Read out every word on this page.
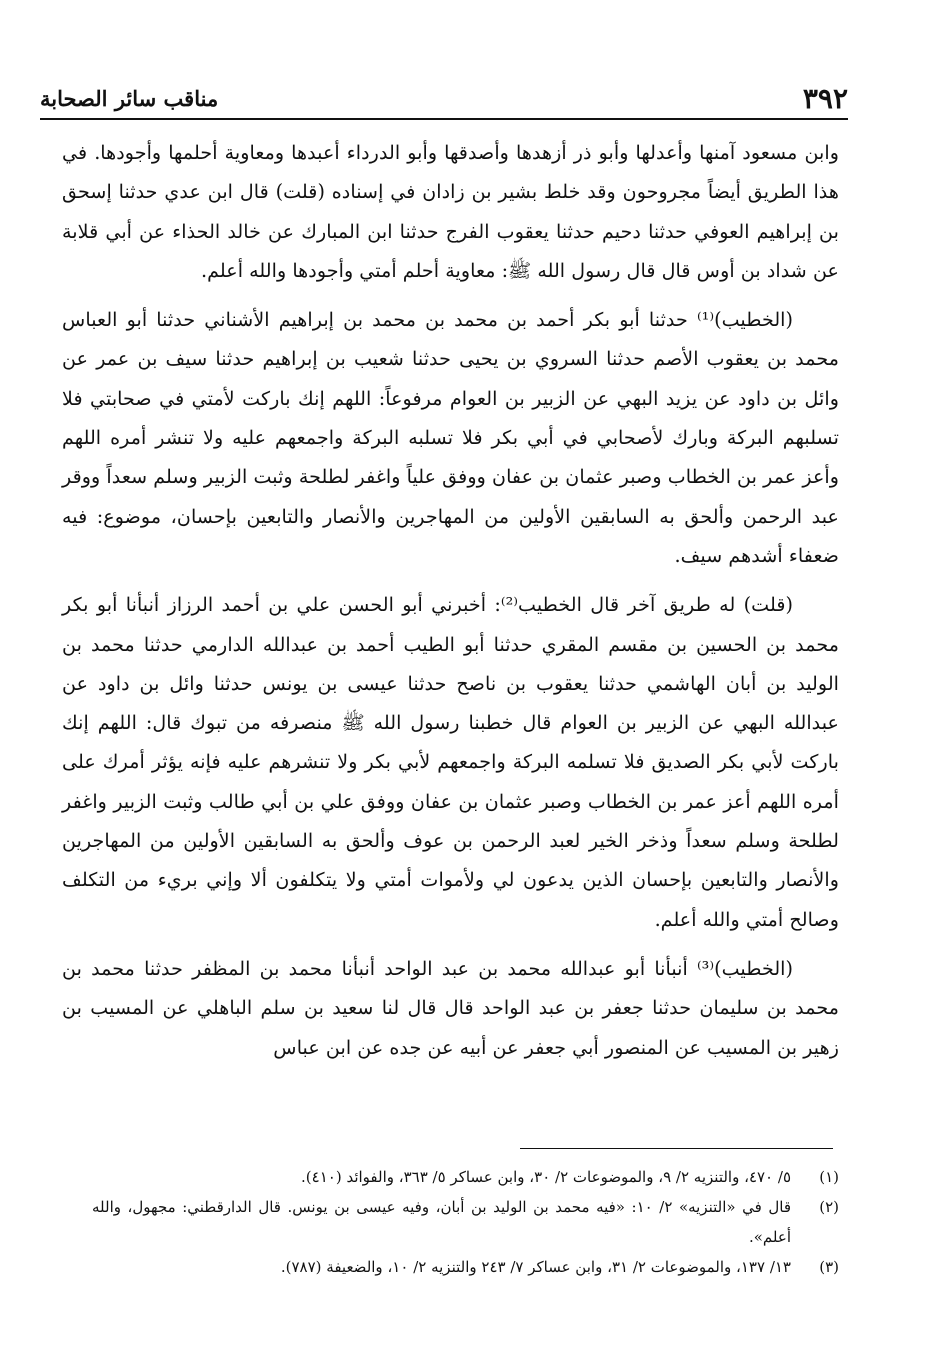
٣٩٢
مناقب سائر الصحابة

وابن مسعود آمنها وأعدلها وأبو ذر أزهدها وأصدقها وأبو الدرداء أعبدها ومعاوية أحلمها وأجودها. في هذا الطريق أيضاً مجروحون وقد خلط بشير بن زادان في إسناده (قلت) قال ابن عدي حدثنا إسحق بن إبراهيم العوفي حدثنا دحيم حدثنا يعقوب الفرج حدثنا ابن المبارك عن خالد الحذاء عن أبي قلابة عن شداد بن أوس قال قال رسول الله ﷺ: معاوية أحلم أمتي وأجودها والله أعلم.

(الخطيب)⁽¹⁾ حدثنا أبو بكر أحمد بن محمد بن محمد بن إبراهيم الأشناني حدثنا أبو العباس محمد بن يعقوب الأصم حدثنا السروي بن يحيى حدثنا شعيب بن إبراهيم حدثنا سيف بن عمر عن وائل بن داود عن يزيد البهي عن الزبير بن العوام مرفوعاً: اللهم إنك باركت لأمتي في صحابتي فلا تسلبهم البركة وبارك لأصحابي في أبي بكر فلا تسلبه البركة واجمعهم عليه ولا تنشر أمره اللهم وأعز عمر بن الخطاب وصبر عثمان بن عفان ووفق علياً واغفر لطلحة وثبت الزبير وسلم سعداً ووقر عبد الرحمن وألحق به السابقين الأولين من المهاجرين والأنصار والتابعين بإحسان، موضوع: فيه ضعفاء أشدهم سيف.

(قلت) له طريق آخر قال الخطيب⁽²⁾: أخبرني أبو الحسن علي بن أحمد الرزاز أنبأنا أبو بكر محمد بن الحسين بن مقسم المقري حدثنا أبو الطيب أحمد بن عبدالله الدارمي حدثنا محمد بن الوليد بن أبان الهاشمي حدثنا يعقوب بن ناصح حدثنا عيسى بن يونس حدثنا وائل بن داود عن عبدالله البهي عن الزبير بن العوام قال خطبنا رسول الله ﷺ منصرفه من تبوك قال: اللهم إنك باركت لأبي بكر الصديق فلا تسلمه البركة واجمعهم لأبي بكر ولا تنشرهم عليه فإنه يؤثر أمرك على أمره اللهم أعز عمر بن الخطاب وصبر عثمان بن عفان ووفق علي بن أبي طالب وثبت الزبير واغفر لطلحة وسلم سعداً وذخر الخير لعبد الرحمن بن عوف وألحق به السابقين الأولين من المهاجرين والأنصار والتابعين بإحسان الذين يدعون لي ولأموات أمتي ولا يتكلفون ألا وإني بريء من التكلف وصالح أمتي والله أعلم.

(الخطيب)⁽³⁾ أنبأنا أبو عبدالله محمد بن عبد الواحد أنبأنا محمد بن المظفر حدثنا محمد بن محمد بن سليمان حدثنا جعفر بن عبد الواحد قال قال لنا سعيد بن سلم الباهلي عن المسيب بن زهير بن المسيب عن المنصور أبي جعفر عن أبيه عن جده عن ابن عباس

(١)
٥/ ٤٧٠، والتنزيه ٢/ ٩، والموضوعات ٢/ ٣٠، وابن عساكر ٥/ ٣٦٣، والفوائد (٤١٠).
(٢)
قال في «التنزيه» ٢/ ١٠: «فيه محمد بن الوليد بن أبان، وفيه عيسى بن يونس. قال الدارقطني: مجهول، والله أعلم».
(٣)
١٣/ ١٣٧، والموضوعات ٢/ ٣١، وابن عساكر ٧/ ٢٤٣ والتنزيه ٢/ ١٠، والضعيفة (٧٨٧).
